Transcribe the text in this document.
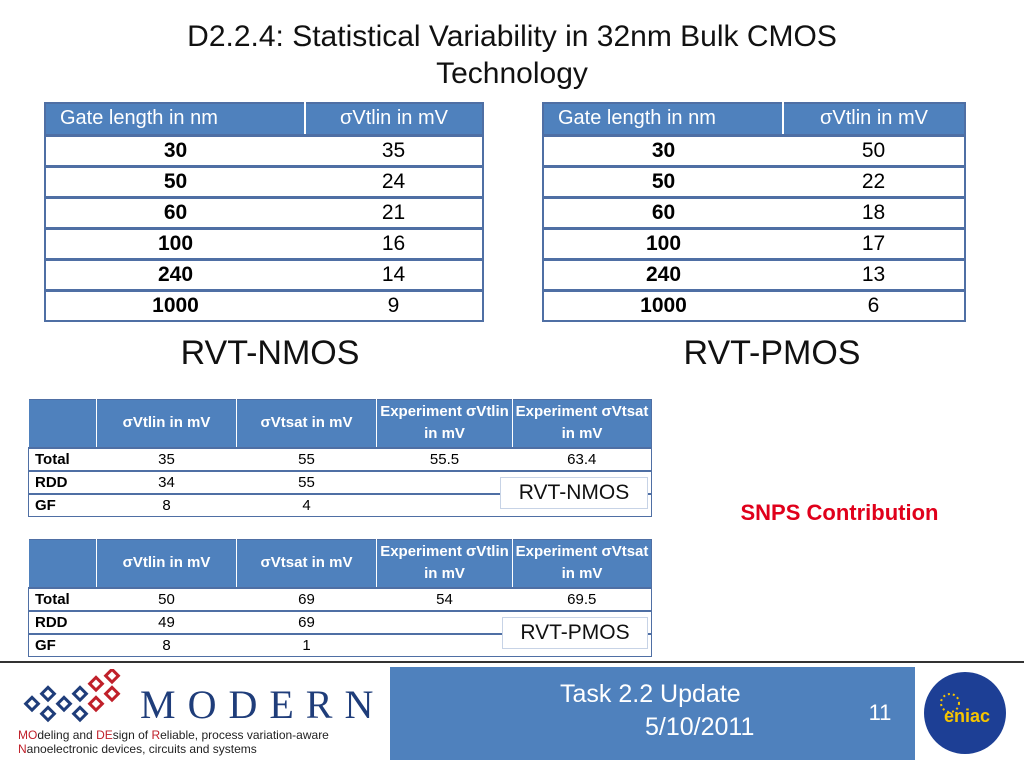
D2.2.4: Statistical Variability in 32nm Bulk CMOS
Technology
Gate length in nm	σVtlin in mV
30	35
50	24
60	21
100	16
240	14
1000	9
Gate length in nm	σVtlin in mV
30	50
50	22
60	18
100	17
240	13
1000	6
RVT-NMOS	RVT-PMOS
	σVtlin in mV	σVtsat in mV	Experiment σVtlin in mV	Experiment σVtsat in mV
Total	35	55	55.5	63.4
RDD	34	55		
GF	8	4		
RVT-NMOS
	σVtlin in mV	σVtsat in mV	Experiment σVtlin in mV	Experiment σVtsat in mV
Total	50	69	54	69.5
RDD	49	69		
GF	8	1		
RVT-PMOS
SNPS Contribution
MODERN
MOdeling and DEsign of Reliable, process variation-aware
Nanoelectronic devices, circuits and systems
Task 2.2 Update
5/10/2011
11	eniac
